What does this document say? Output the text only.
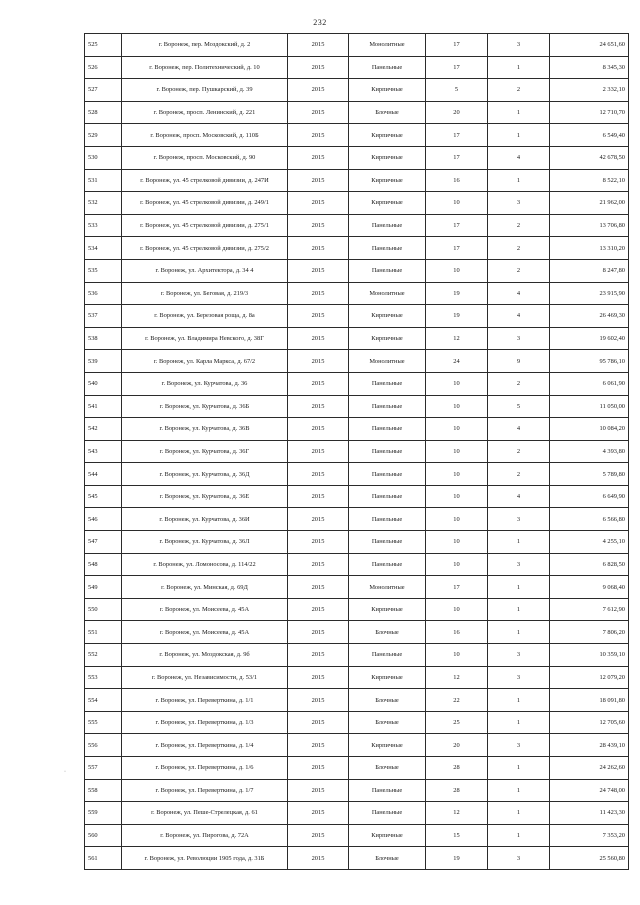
232
·
525	г. Воронеж, пер. Моздокский, д. 2	2015	Монолитные	17	3	24 651,60
526	г. Воронеж, пер. Политехнический, д. 10	2015	Панельные	17	1	8 345,30
527	г. Воронеж, пер. Пушкарский, д. 39	2015	Кирпичные	5	2	2 332,10
528	г. Воронеж, просп. Ленинский, д. 221	2015	Блочные	20	1	12 710,70
529	г. Воронеж, просп. Московский, д. 110Б	2015	Кирпичные	17	1	6 549,40
530	г. Воронеж, просп. Московский, д. 90	2015	Кирпичные	17	4	42 678,50
531	г. Воронеж, ул. 45 стрелковой дивизии, д. 247И	2015	Кирпичные	16	1	8 522,10
532	г. Воронеж, ул. 45 стрелковой дивизии, д. 249/1	2015	Кирпичные	10	3	21 962,00
533	г. Воронеж, ул. 45 стрелковой дивизии, д. 275/1	2015	Панельные	17	2	13 706,80
534	г. Воронеж, ул. 45 стрелковой дивизии, д. 275/2	2015	Панельные	17	2	13 310,20
535	г. Воронеж, ул. Архитектора, д. 34 4	2015	Панельные	10	2	8 247,80
536	г. Воронеж, ул. Беговая, д. 219/3	2015	Монолитные	19	4	23 915,90
537	г. Воронеж, ул. Березовая роща, д. 8а	2015	Кирпичные	19	4	26 469,30
538	г. Воронеж, ул. Владимира Невского, д. 38Г	2015	Кирпичные	12	3	19 602,40
539	г. Воронеж, ул. Карла Маркса, д. 67/2	2015	Монолитные	24	9	95 786,10
540	г. Воронеж, ул. Курчатова, д. 36	2015	Панельные	10	2	6 061,90
541	г. Воронеж, ул. Курчатова, д. 36Б	2015	Панельные	10	5	11 050,00
542	г. Воронеж, ул. Курчатова, д. 36В	2015	Панельные	10	4	10 084,20
543	г. Воронеж, ул. Курчатова, д. 36Г	2015	Панельные	10	2	4 393,80
544	г. Воронеж, ул. Курчатова, д. 36Д	2015	Панельные	10	2	5 789,80
545	г. Воронеж, ул. Курчатова, д. 36Е	2015	Панельные	10	4	6 649,90
546	г. Воронеж, ул. Курчатова, д. 36И	2015	Панельные	10	3	6 566,80
547	г. Воронеж, ул. Курчатова, д. 36Л	2015	Панельные	10	1	4 255,10
548	г. Воронеж, ул. Ломоносова, д. 114/22	2015	Панельные	10	3	6 828,50
549	г. Воронеж, ул. Минская, д. 69Д	2015	Монолитные	17	1	9 068,40
550	г. Воронеж, ул. Моисеева, д. 45А	2015	Кирпичные	10	1	7 612,90
551	г. Воронеж, ул. Моисеева, д. 45А	2015	Блочные	16	1	7 806,20
552	г. Воронеж, ул. Моздокская, д. 9б	2015	Панельные	10	3	10 359,10
553	г. Воронеж, ул. Независимости, д. 53/1	2015	Кирпичные	12	3	12 079,20
554	г. Воронеж, ул. Переверткина, д. 1/1	2015	Блочные	22	1	18 091,80
555	г. Воронеж, ул. Переверткина, д. 1/3	2015	Блочные	25	1	12 705,60
556	г. Воронеж, ул. Переверткина, д. 1/4	2015	Кирпичные	20	3	28 439,10
557	г. Воронеж, ул. Переверткина, д. 1/6	2015	Блочные	28	1	24 262,60
558	г. Воронеж, ул. Переверткина, д. 1/7	2015	Панельные	28	1	24 748,00
559	г. Воронеж, ул. Пеше-Стрелецкая, д. 61	2015	Панельные	12	1	11 423,30
560	г. Воронеж, ул. Пирогова, д. 72А	2015	Кирпичные	15	1	7 353,20
561	г. Воронеж, ул. Революции 1905 года, д. 31Б	2015	Блочные	19	3	25 560,80
